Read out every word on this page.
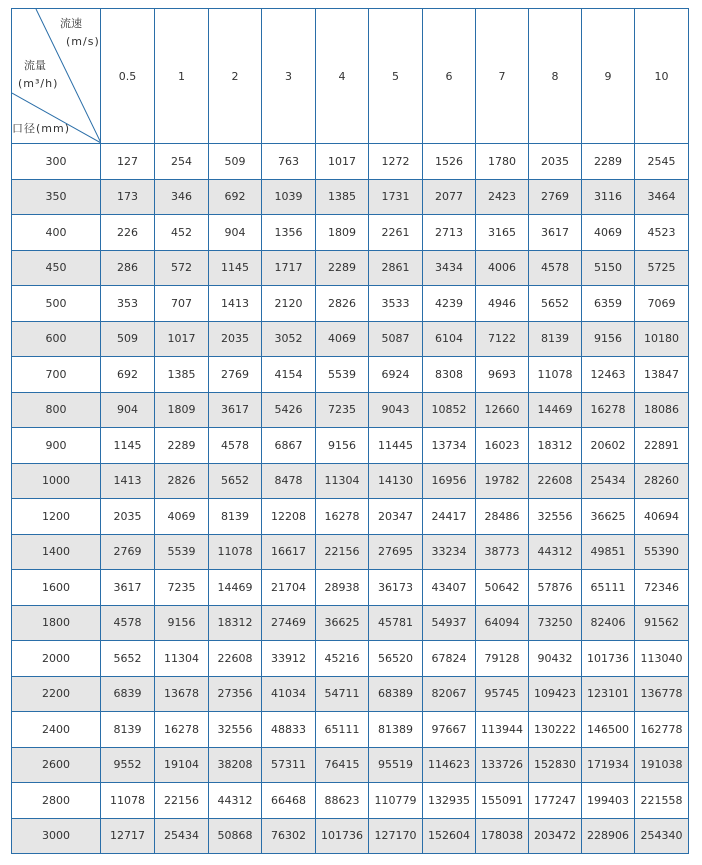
流速
(m/s)
流量
(m³/h)
口径(mm)	0.5	1	2	3	4	5	6	7	8	9	10
300	127	254	509	763	1017	1272	1526	1780	2035	2289	2545
350	173	346	692	1039	1385	1731	2077	2423	2769	3116	3464
400	226	452	904	1356	1809	2261	2713	3165	3617	4069	4523
450	286	572	1145	1717	2289	2861	3434	4006	4578	5150	5725
500	353	707	1413	2120	2826	3533	4239	4946	5652	6359	7069
600	509	1017	2035	3052	4069	5087	6104	7122	8139	9156	10180
700	692	1385	2769	4154	5539	6924	8308	9693	11078	12463	13847
800	904	1809	3617	5426	7235	9043	10852	12660	14469	16278	18086
900	1145	2289	4578	6867	9156	11445	13734	16023	18312	20602	22891
1000	1413	2826	5652	8478	11304	14130	16956	19782	22608	25434	28260
1200	2035	4069	8139	12208	16278	20347	24417	28486	32556	36625	40694
1400	2769	5539	11078	16617	22156	27695	33234	38773	44312	49851	55390
1600	3617	7235	14469	21704	28938	36173	43407	50642	57876	65111	72346
1800	4578	9156	18312	27469	36625	45781	54937	64094	73250	82406	91562
2000	5652	11304	22608	33912	45216	56520	67824	79128	90432	101736	113040
2200	6839	13678	27356	41034	54711	68389	82067	95745	109423	123101	136778
2400	8139	16278	32556	48833	65111	81389	97667	113944	130222	146500	162778
2600	9552	19104	38208	57311	76415	95519	114623	133726	152830	171934	191038
2800	11078	22156	44312	66468	88623	110779	132935	155091	177247	199403	221558
3000	12717	25434	50868	76302	101736	127170	152604	178038	203472	228906	254340
